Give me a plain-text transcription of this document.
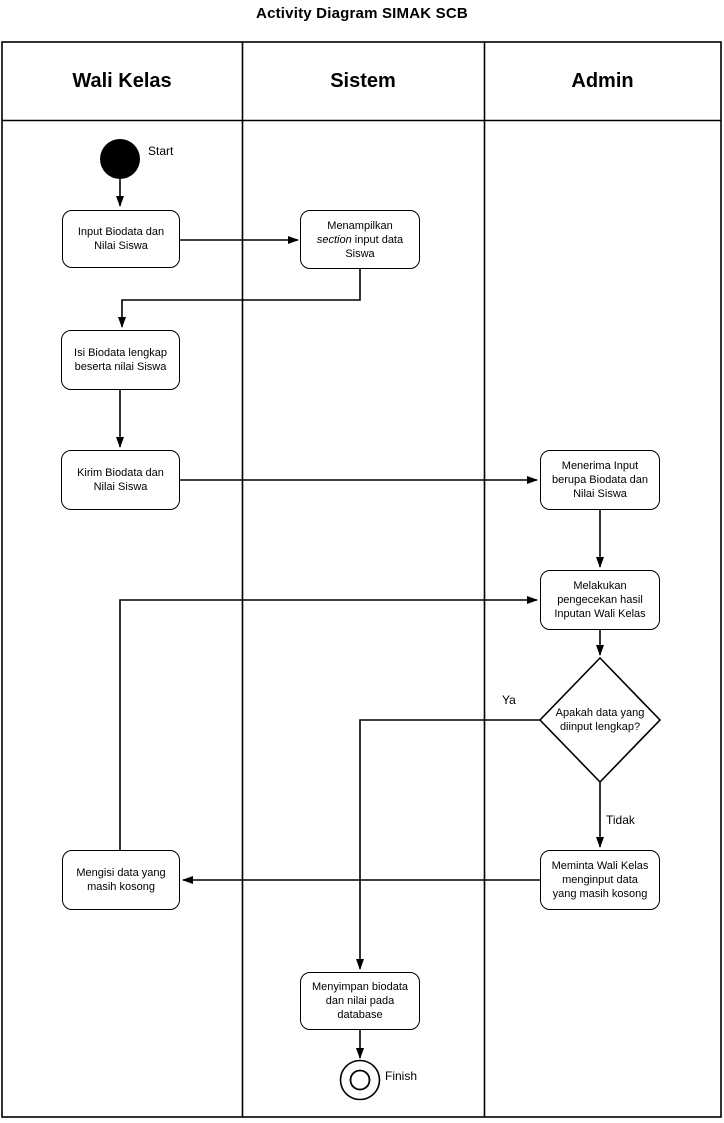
Activity Diagram SIMAK SCB
Wali Kelas	Sistem	Admin
Input Biodata dan Nilai Siswa
Menampilkan section input data Siswa
Isi Biodata lengkap beserta nilai Siswa
Kirim Biodata dan Nilai Siswa
Menerima Input berupa Biodata dan Nilai Siswa
Melakukan pengecekan hasil Inputan Wali Kelas
Apakah data yang diinput lengkap?
Meminta Wali Kelas menginput data yang masih kosong
Mengisi data yang masih kosong
Menyimpan biodata dan nilai pada database
Start
Ya
Tidak
Finish
